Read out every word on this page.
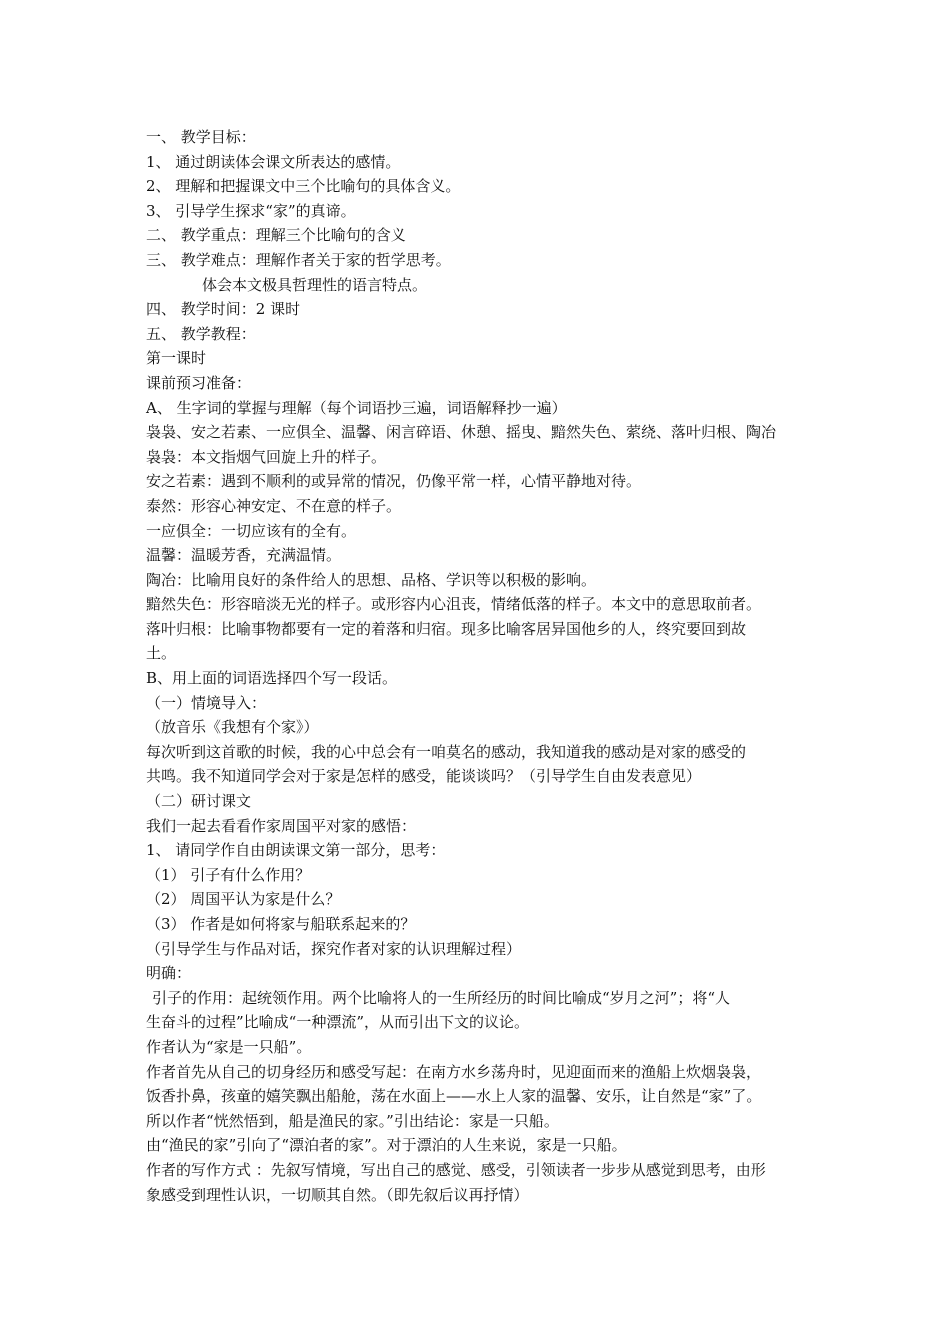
一、 教学目标：

1、 通过朗读体会课文所表达的感情。

2、 理解和把握课文中三个比喻句的具体含义。

3、 引导学生探求“家”的真谛。

二、 教学重点：理解三个比喻句的含义

三、 教学难点：理解作者关于家的哲学思考。

体会本文极具哲理性的语言特点。

四、 教学时间：2 课时

五、 教学教程：

第一课时

课前预习准备：

A、 生字词的掌握与理解（每个词语抄三遍，词语解释抄一遍）

袅袅、安之若素、一应俱全、温馨、闲言碎语、休憩、摇曳、黯然失色、萦绕、落叶归根、陶冶

袅袅：本文指烟气回旋上升的样子。

安之若素：遇到不顺利的或异常的情况，仍像平常一样，心情平静地对待。

泰然：形容心神安定、不在意的样子。

一应俱全：一切应该有的全有。

温馨：温暖芳香，充满温情。

陶冶：比喻用良好的条件给人的思想、品格、学识等以积极的影响。

黯然失色：形容暗淡无光的样子。或形容内心沮丧，情绪低落的样子。本文中的意思取前者。

落叶归根：比喻事物都要有一定的着落和归宿。现多比喻客居异国他乡的人，终究要回到故

土。

B、用上面的词语选择四个写一段话。

（一）情境导入：

（放音乐《我想有个家》）

每次听到这首歌的时候，我的心中总会有一咱莫名的感动，我知道我的感动是对家的感受的

共鸣。我不知道同学会对于家是怎样的感受，能谈谈吗？（引导学生自由发表意见）

（二）研讨课文

我们一起去看看作家周国平对家的感悟：

1、 请同学作自由朗读课文第一部分，思考：

（1） 引子有什么作用？

（2） 周国平认为家是什么？

（3） 作者是如何将家与船联系起来的？

（引导学生与作品对话，探究作者对家的认识理解过程）

明确：

引子的作用：起统领作用。两个比喻将人的一生所经历的时间比喻成“岁月之河”；将“人

生奋斗的过程”比喻成“一种漂流”，从而引出下文的议论。

作者认为“家是一只船”。

作者首先从自己的切身经历和感受写起：在南方水乡荡舟时，见迎面而来的渔船上炊烟袅袅，

饭香扑鼻，孩童的嬉笑飘出船舱，荡在水面上——水上人家的温馨、安乐，让自然是“家”了。

所以作者“恍然悟到，船是渔民的家。”引出结论：家是一只船。

由“渔民的家”引向了“漂泊者的家”。对于漂泊的人生来说，家是一只船。

作者的写作方式 ：先叙写情境，写出自己的感觉、感受，引领读者一步步从感觉到思考，由形

象感受到理性认识，一切顺其自然。（即先叙后议再抒情）
